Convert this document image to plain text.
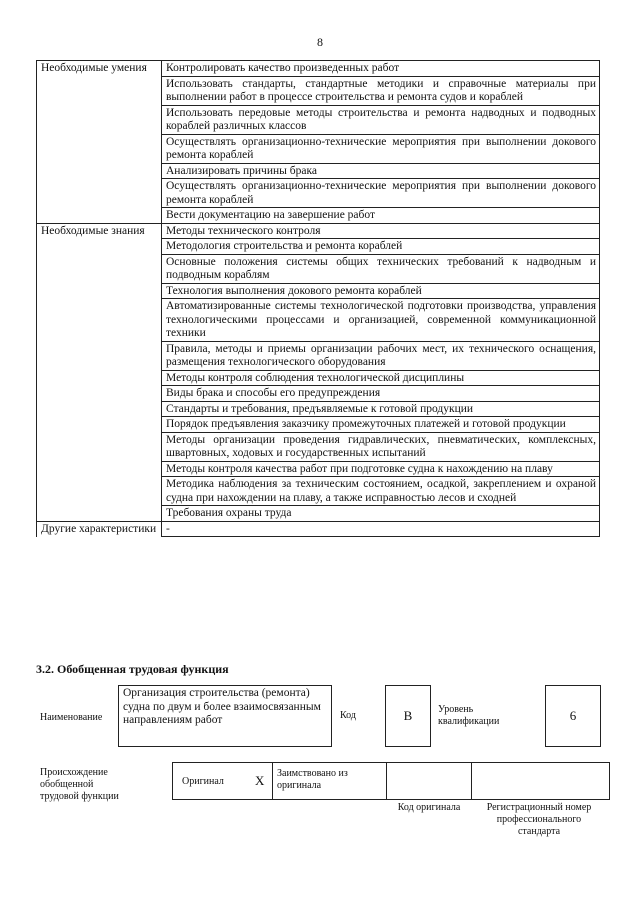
8
Необходимые умения	Контролировать качество произведенных работ
	Использовать стандарты, стандартные методики и справочные материалы при выполнении работ в процессе строительства и ремонта судов и кораблей
	Использовать передовые методы строительства и ремонта надводных и подводных кораблей различных классов
	Осуществлять организационно-технические мероприятия при выполнении докового ремонта кораблей
	Анализировать причины брака
	Осуществлять организационно-технические мероприятия при выполнении докового ремонта кораблей
	Вести документацию на завершение работ
Необходимые знания	Методы технического контроля
	Методология строительства и ремонта кораблей
	Основные положения системы общих технических требований к надводным и подводным кораблям
	Технология выполнения докового ремонта кораблей
	Автоматизированные системы технологической подготовки производства, управления технологическими процессами и организацией, современной коммуникационной техники
	Правила, методы и приемы организации рабочих мест, их технического оснащения, размещения технологического оборудования
	Методы контроля соблюдения технологической дисциплины
	Виды брака и способы его предупреждения
	Стандарты и требования, предъявляемые к готовой продукции
	Порядок предъявления заказчику промежуточных платежей и готовой продукции
	Методы организации проведения гидравлических, пневматических, комплексных, швартовных, ходовых и государственных испытаний
	Методы контроля качества работ при подготовке судна к нахождению на плаву
	Методика наблюдения за техническим состоянием, осадкой, закреплением и охраной судна при нахождении на плаву, а также исправностью лесов и сходней
	Требования охраны труда
Другие характеристики	-
3.2. Обобщенная трудовая функция
Наименование
Организация строительства (ремонта) судна по двум и более взаимосвязанным направлениям работ	Код	B	Уровень квалификации	6
Происхождение обобщенной трудовой функции
Оригинал X Заимствовано из оригинала
Код оригинала	Регистрационный номер профессионального стандарта
